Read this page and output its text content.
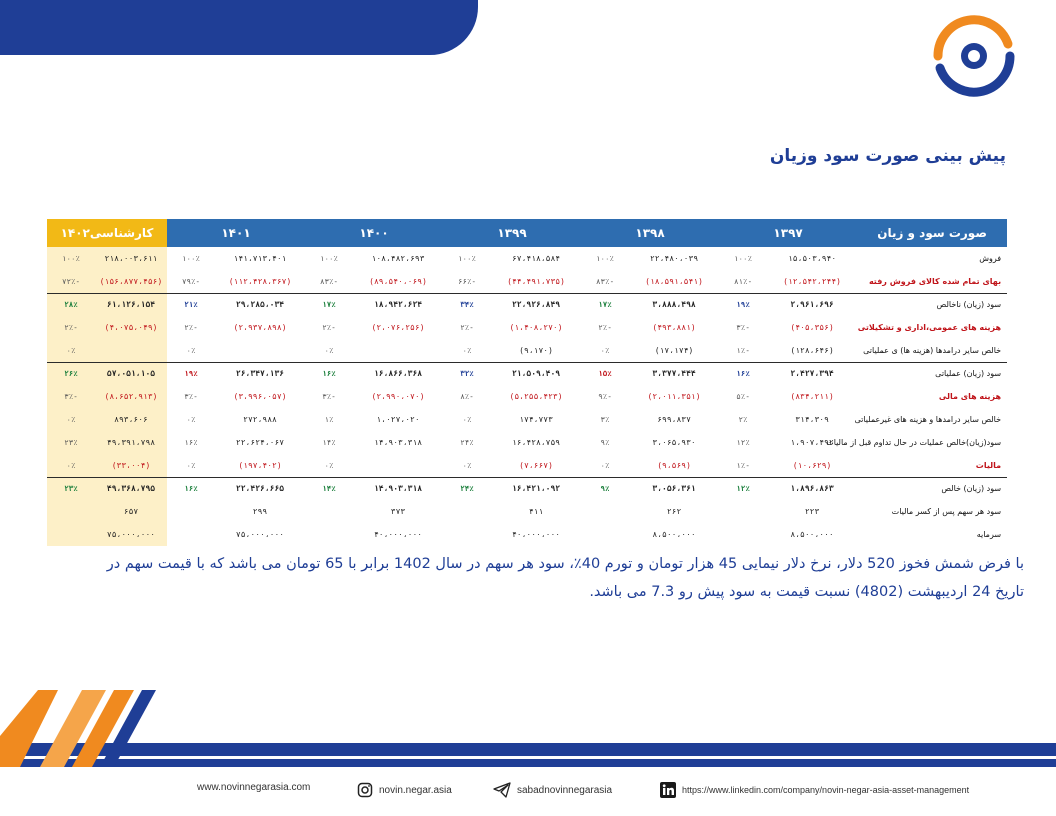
پیش بینی صورت سود وزیان
صورت سود و زیان	۱۳۹۷		۱۳۹۸		۱۳۹۹		۱۴۰۰		۱۴۰۱		کارشناسی۱۴۰۲	
فروش	۱۵،۵۰۳،۹۴۰	۱۰۰٪	۲۲،۴۸۰،۰۳۹	۱۰۰٪	۶۷،۴۱۸،۵۸۴	۱۰۰٪	۱۰۸،۴۸۲،۶۹۳	۱۰۰٪	۱۴۱،۷۱۳،۴۰۱	۱۰۰٪	۲۱۸،۰۰۳،۶۱۱	۱۰۰٪
بهای تمام شده کالای فروش رفته	(۱۲،۵۴۲،۲۴۴)	-۸۱٪	(۱۸،۵۹۱،۵۴۱)	-۸۳٪	(۴۴،۴۹۱،۷۳۵)	-۶۶٪	(۸۹،۵۴۰،۰۶۹)	-۸۳٪	(۱۱۲،۴۲۸،۳۶۷)	-۷۹٪	(۱۵۶،۸۷۷،۴۵۶)	-۷۲٪
سود (زیان) ناخالص	۲،۹۶۱،۶۹۶	۱۹٪	۳،۸۸۸،۴۹۸	۱۷٪	۲۲،۹۲۶،۸۴۹	۳۴٪	۱۸،۹۴۲،۶۲۴	۱۷٪	۲۹،۲۸۵،۰۳۴	۲۱٪	۶۱،۱۲۶،۱۵۴	۲۸٪
هزینه های عمومی،اداری و تشکیلاتی	(۴۰۵،۳۵۶)	-۳٪	(۴۹۳،۸۸۱)	-۲٪	(۱،۴۰۸،۲۷۰)	-۲٪	(۲،۰۷۶،۲۵۶)	-۲٪	(۲،۹۳۷،۸۹۸)	-۲٪	(۴،۰۷۵،۰۴۹)	-۲٪
خالص سایر درامدها (هزینه ها) ی عملیاتی	(۱۲۸،۶۴۶)	-۱٪	(۱۷،۱۷۴)	۰٪	(۹،۱۷۰)	۰٪		۰٪		۰٪		۰٪
سود (زیان) عملیاتی	۲،۴۲۷،۳۹۴	۱۶٪	۳،۳۷۷،۴۴۴	۱۵٪	۲۱،۵۰۹،۴۰۹	۳۲٪	۱۶،۸۶۶،۳۶۸	۱۶٪	۲۶،۳۴۷،۱۳۶	۱۹٪	۵۷،۰۵۱،۱۰۵	۲۶٪
هزینه های مالی	(۸۳۴،۲۱۱)	-۵٪	(۲،۰۱۱،۳۵۱)	-۹٪	(۵،۲۵۵،۴۲۳)	-۸٪	(۲،۹۹۰،۰۷۰)	-۳٪	(۳،۹۹۶،۰۵۷)	-۳٪	(۸،۶۵۲،۹۱۳)	-۳٪
خالص سایر درامدها و هزینه های غیرعملیاتی	۳۱۴،۳۰۹	۲٪	۶۹۹،۸۳۷	۳٪	۱۷۴،۷۷۳	۰٪	۱،۰۲۷،۰۲۰	۱٪	۲۷۲،۹۸۸	۰٪	۸۹۳،۶۰۶	۰٪
سود(زیان)خالص عملیات در حال تداوم قبل از مالیات	۱،۹۰۷،۴۹۲	۱۲٪	۳،۰۶۵،۹۳۰	۹٪	۱۶،۴۲۸،۷۵۹	۲۴٪	۱۴،۹۰۳،۳۱۸	۱۴٪	۲۲،۶۲۴،۰۶۷	۱۶٪	۴۹،۳۹۱،۷۹۸	۲۳٪
مالیات	(۱۰،۶۲۹)	-۱٪	(۹،۵۶۹)	۰٪	(۷،۶۶۷)	۰٪		۰٪	(۱۹۷،۴۰۲)	۰٪	(۳۳،۰۰۴)	۰٪
سود (زیان) خالص	۱،۸۹۶،۸۶۳	۱۲٪	۳،۰۵۶،۳۶۱	۹٪	۱۶،۴۲۱،۰۹۲	۲۴٪	۱۴،۹۰۳،۳۱۸	۱۴٪	۲۲،۴۲۶،۶۶۵	۱۶٪	۴۹،۳۶۸،۷۹۵	۲۳٪
سود هر سهم پس از کسر مالیات	۲۲۳		۲۶۲		۴۱۱		۳۷۳		۲۹۹		۶۵۷	
سرمایه	۸،۵۰۰،۰۰۰		۸،۵۰۰،۰۰۰		۴۰،۰۰۰،۰۰۰		۴۰،۰۰۰،۰۰۰		۷۵،۰۰۰،۰۰۰		۷۵،۰۰۰،۰۰۰	
با فرض شمش فخوز 520 دلار، نرخ دلار نیمایی 45 هزار تومان و تورم 40٪، سود هر سهم در سال 1402 برابر با 65 تومان می باشد که با قیمت سهم در تاریخ 24 اردیبهشت (4802) نسبت قیمت به سود پیش رو 7.3 می باشد.
www.novinnegarasia.com	novin.negar.asia	sabadnovinnegarasia	https://www.linkedin.com/company/novin-negar-asia-asset-management
